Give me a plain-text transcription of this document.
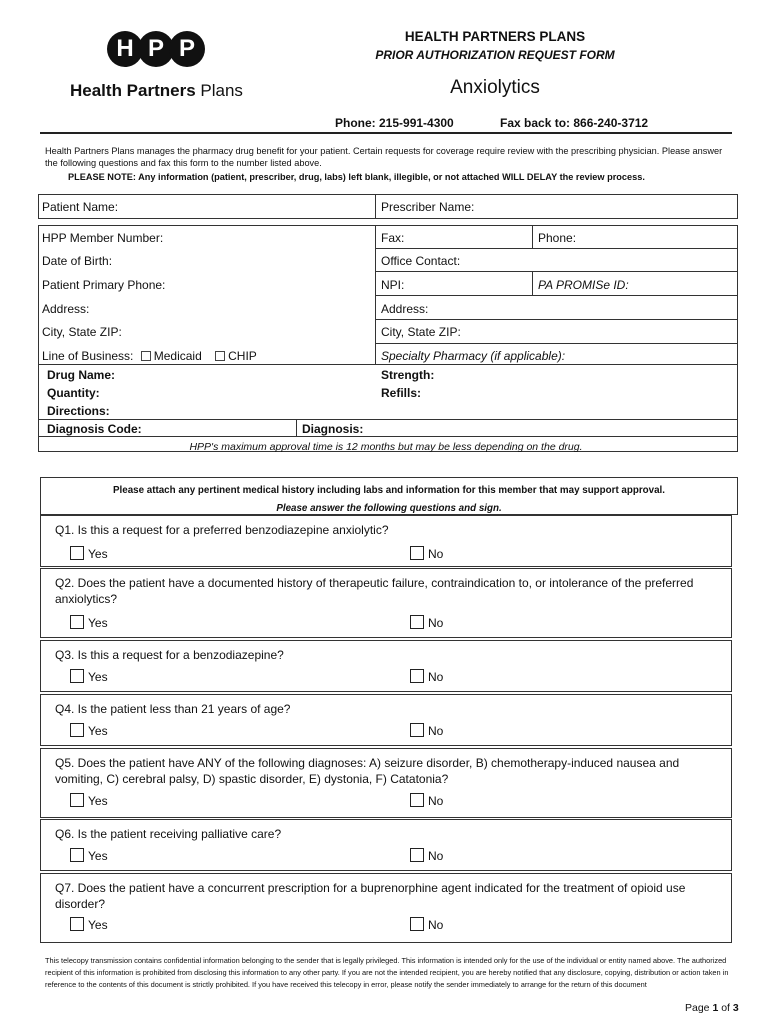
H P P
Health Partners Plans
HEALTH PARTNERS PLANS
PRIOR AUTHORIZATION REQUEST FORM
Anxiolytics
Phone: 215-991-4300	Fax back to: 866-240-3712
Health Partners Plans manages the pharmacy drug benefit for your patient. Certain requests for coverage require review with the prescribing physician. Please answer the following questions and fax this form to the number listed above.
PLEASE NOTE: Any information (patient, prescriber, drug, labs) left blank, illegible, or not attached WILL DELAY the review process.
Patient Name:	Prescriber Name:
HPP Member Number:	Fax:	Phone:
Date of Birth:	Office Contact:
Patient Primary Phone:	NPI:	PA PROMISe ID:
Address:	Address:
City, State ZIP:	City, State ZIP:
Line of Business: Medicaid CHIP	Specialty Pharmacy (if applicable):
Drug Name:	Strength:
Quantity:	Refills:
Directions:
Diagnosis Code:	Diagnosis:
HPP's maximum approval time is 12 months but may be less depending on the drug.
Please attach any pertinent medical history including labs and information for this member that may support approval.
Please answer the following questions and sign.
Q1. Is this a request for a preferred benzodiazepine anxiolytic?
Yes	No
Q2. Does the patient have a documented history of therapeutic failure, contraindication to, or intolerance of the preferred anxiolytics?
Yes	No
Q3. Is this a request for a benzodiazepine?
Yes	No
Q4. Is the patient less than 21 years of age?
Yes	No
Q5. Does the patient have ANY of the following diagnoses: A) seizure disorder, B) chemotherapy-induced nausea and vomiting, C) cerebral palsy, D) spastic disorder, E) dystonia, F) Catatonia?
Yes	No
Q6. Is the patient receiving palliative care?
Yes	No
Q7. Does the patient have a concurrent prescription for a buprenorphine agent indicated for the treatment of opioid use disorder?
Yes	No
This telecopy transmission contains confidential information belonging to the sender that is legally privileged. This information is intended only for the use of the individual or entity named above. The authorized recipient of this information is prohibited from disclosing this information to any other party. If you are not the intended recipient, you are hereby notified that any disclosure, copying, distribution or action taken in reference to the contents of this document is strictly prohibited. If you have received this telecopy in error, please notify the sender immediately to arrange for the return of this document
Page 1 of 3
